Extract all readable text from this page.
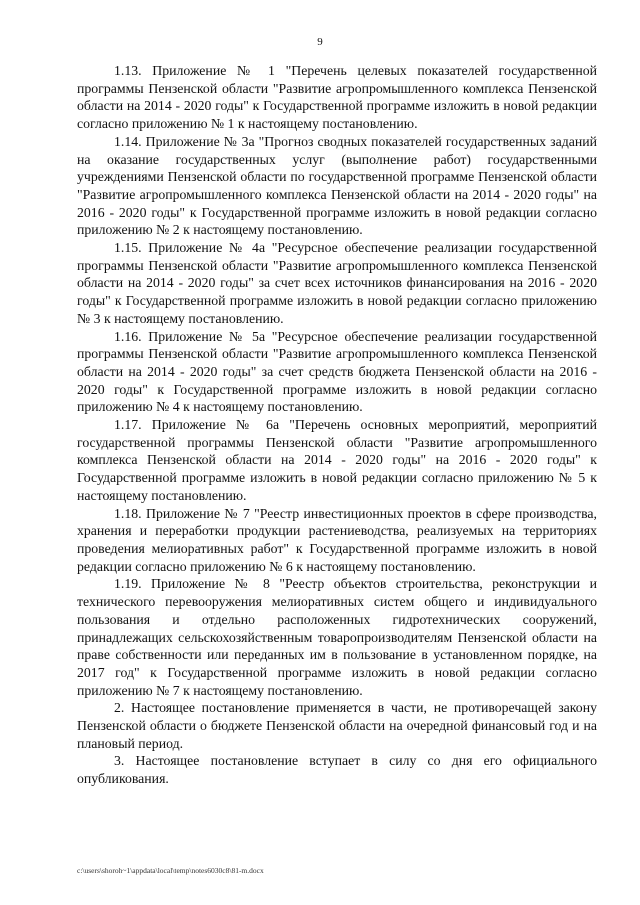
9

1.13. Приложение № 1 "Перечень целевых показателей государственной программы Пензенской области "Развитие агропромышленного комплекса Пензенской области на 2014 - 2020 годы" к Государственной программе изложить в новой редакции согласно приложению № 1 к настоящему постановлению.

1.14. Приложение № 3а "Прогноз сводных показателей государственных заданий на оказание государственных услуг (выполнение работ) государственными учреждениями Пензенской области по государственной программе Пензенской области "Развитие агропромышленного комплекса Пензенской области на 2014 - 2020 годы" на 2016 - 2020 годы" к Государственной программе изложить в новой редакции согласно приложению № 2 к настоящему постановлению.

1.15. Приложение № 4а "Ресурсное обеспечение реализации государственной программы Пензенской области "Развитие агропромышленного комплекса Пензенской области на 2014 - 2020 годы" за счет всех источников финансирования на 2016 - 2020 годы" к Государственной программе изложить в новой редакции согласно приложению № 3 к настоящему постановлению.

1.16. Приложение № 5а "Ресурсное обеспечение реализации государственной программы Пензенской области "Развитие агропромышленного комплекса Пензенской области на 2014 - 2020 годы" за счет средств бюджета Пензенской области на 2016 - 2020 годы" к Государственной программе изложить в новой редакции согласно приложению № 4 к настоящему постановлению.

1.17. Приложение № 6а "Перечень основных мероприятий, мероприятий государственной программы Пензенской области "Развитие агропромышленного комплекса Пензенской области на 2014 - 2020 годы" на 2016 - 2020 годы" к Государственной программе изложить в новой редакции согласно приложению № 5 к настоящему постановлению.

1.18. Приложение № 7 "Реестр инвестиционных проектов в сфере производства, хранения и переработки продукции растениеводства, реализуемых на территориях проведения мелиоративных работ" к Государственной программе изложить в новой редакции согласно приложению № 6 к настоящему постановлению.

1.19. Приложение № 8 "Реестр объектов строительства, реконструкции и технического перевооружения мелиоративных систем общего и индивидуального пользования и отдельно расположенных гидротехнических сооружений, принадлежащих сельскохозяйственным товаропроизводителям Пензенской области на праве собственности или переданных им в пользование в установленном порядке, на 2017 год" к Государственной программе изложить в новой редакции согласно приложению № 7 к настоящему постановлению.

2. Настоящее постановление применяется в части, не противоречащей закону Пензенской области о бюджете Пензенской области на очередной финансовый год и на плановый период.

3. Настоящее постановление вступает в силу со дня его официального опубликования.

c:\users\shoroh~1\appdata\local\temp\notes6030c8\81-m.docx
